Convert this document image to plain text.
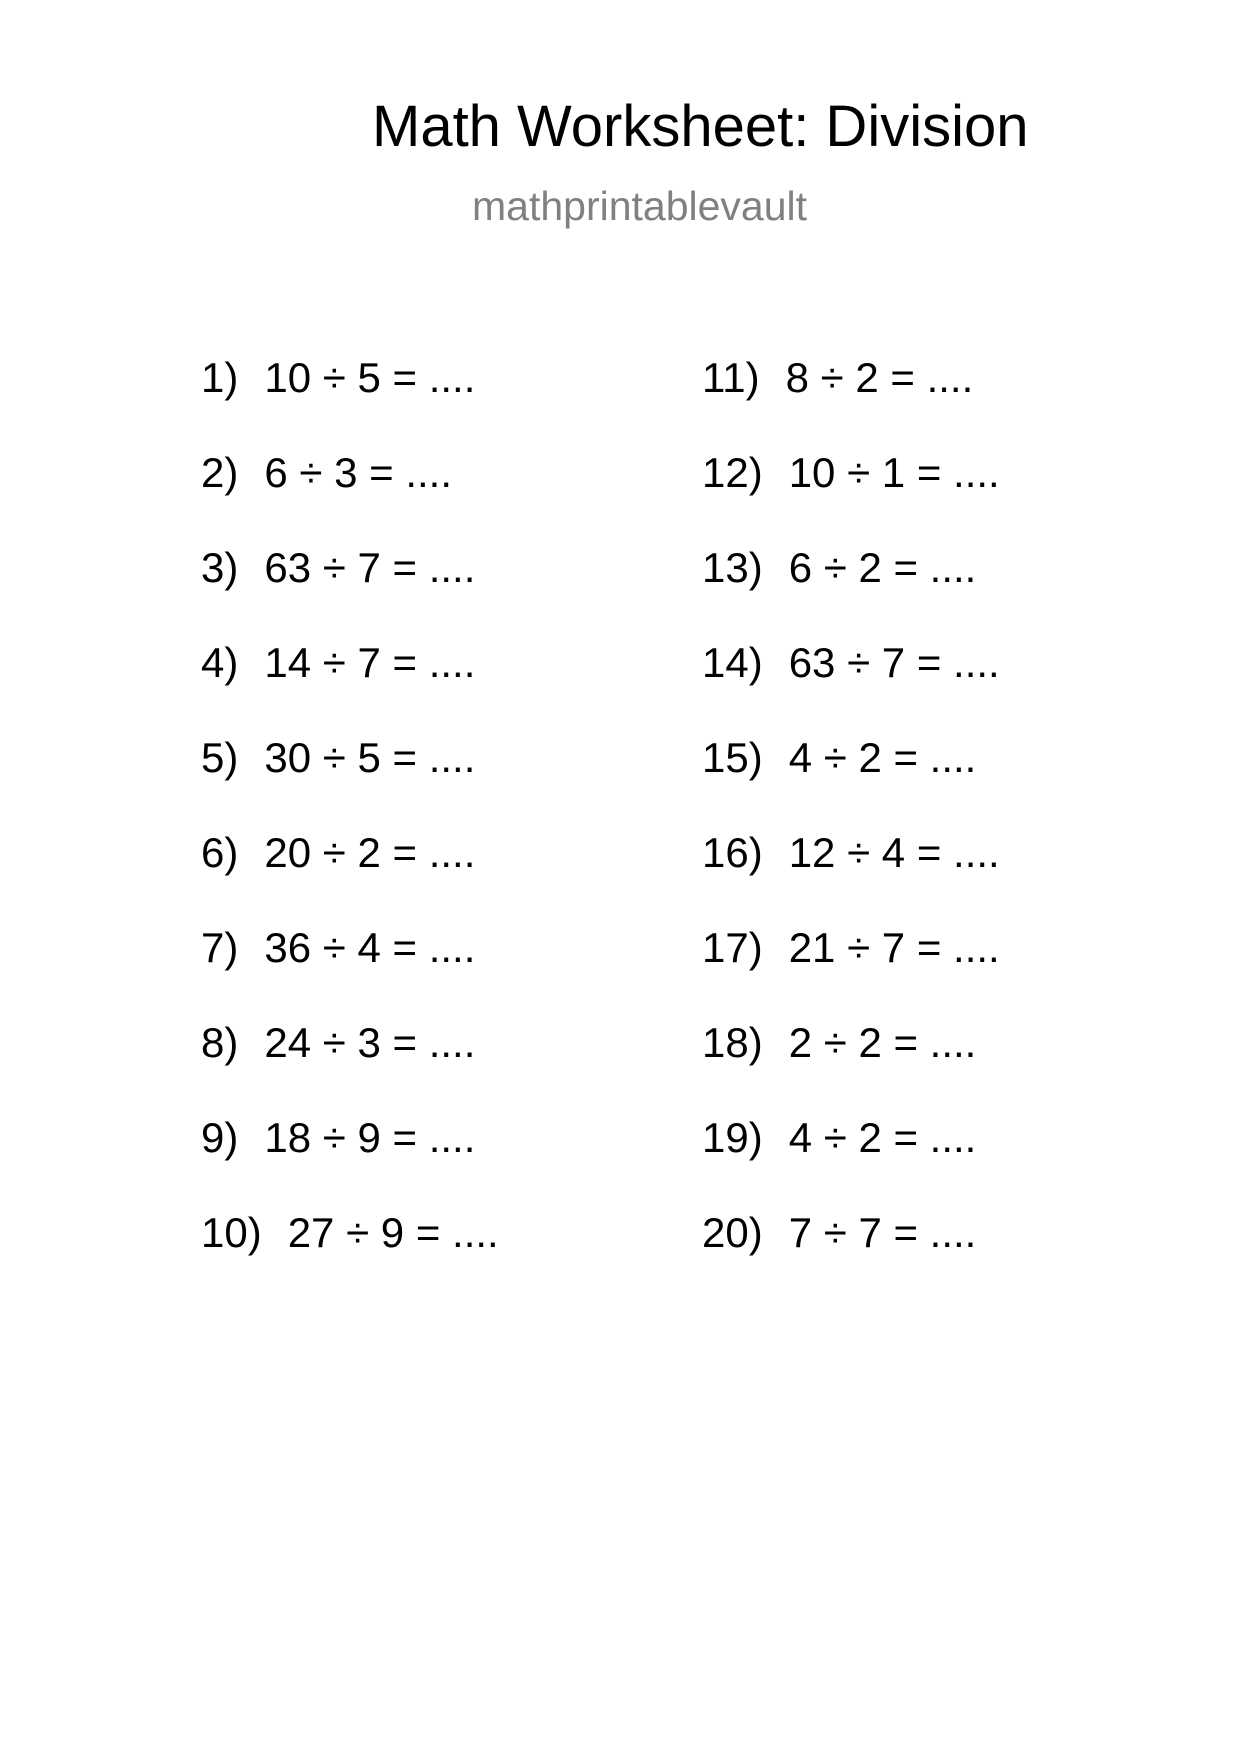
Math Worksheet: Division
mathprintablevault
1) 10 ÷ 5 = ....
2) 6 ÷ 3 = ....
3) 63 ÷ 7 = ....
4) 14 ÷ 7 = ....
5) 30 ÷ 5 = ....
6) 20 ÷ 2 = ....
7) 36 ÷ 4 = ....
8) 24 ÷ 3 = ....
9) 18 ÷ 9 = ....
10) 27 ÷ 9 = ....
11) 8 ÷ 2 = ....
12) 10 ÷ 1 = ....
13) 6 ÷ 2 = ....
14) 63 ÷ 7 = ....
15) 4 ÷ 2 = ....
16) 12 ÷ 4 = ....
17) 21 ÷ 7 = ....
18) 2 ÷ 2 = ....
19) 4 ÷ 2 = ....
20) 7 ÷ 7 = ....
